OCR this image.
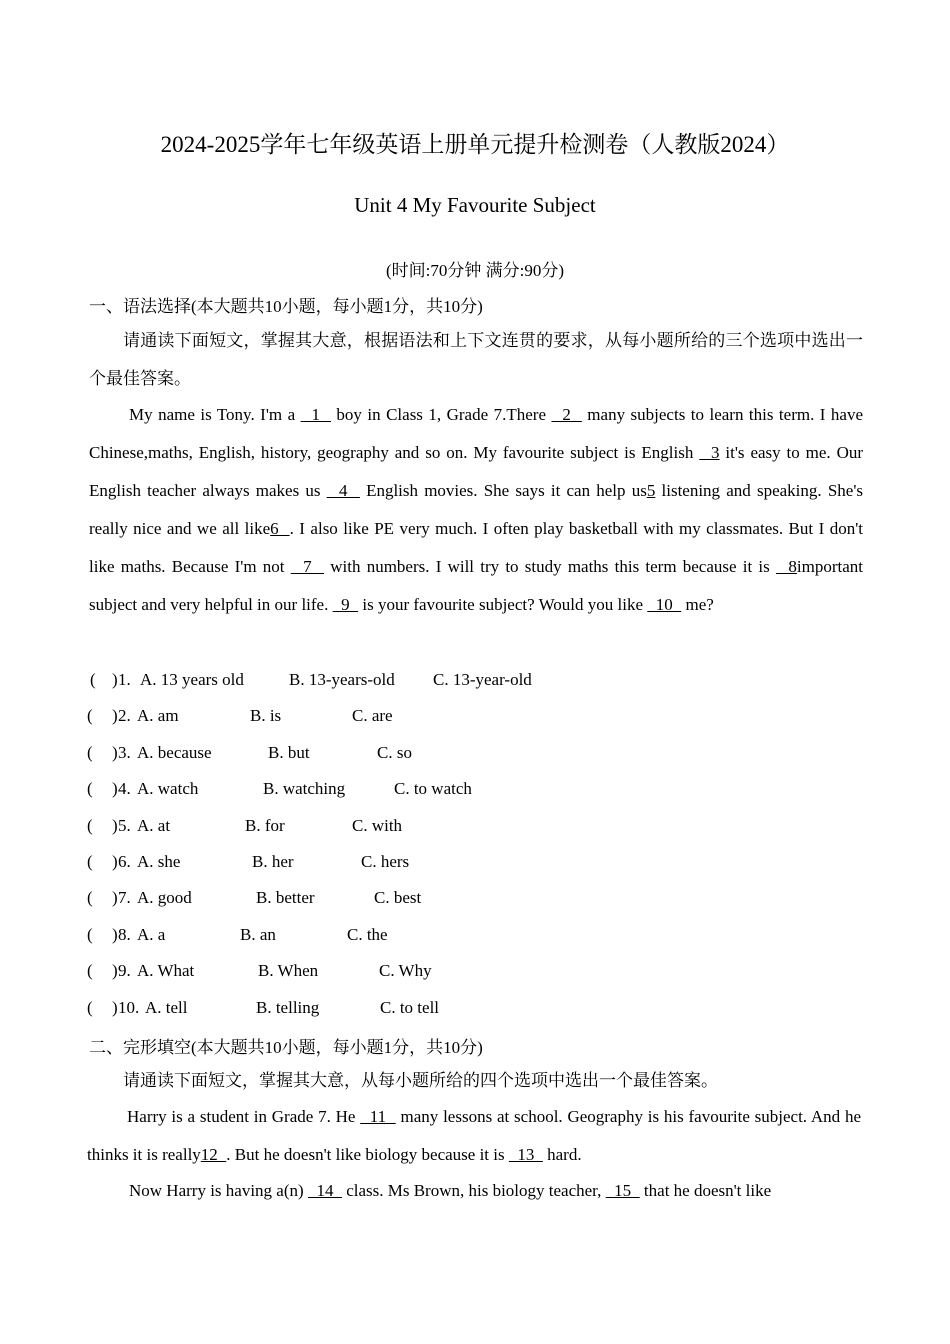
2024-2025学年七年级英语上册单元提升检测卷（人教版2024）
Unit 4 My Favourite Subject
(时间:70分钟 满分:90分)
一、语法选择(本大题共10小题，每小题1分，共10分)

请通读下面短文，掌握其大意，根据语法和上下文连贯的要求，从每小题所给的三个选项中选出一个最佳答案。

My name is Tony. I'm a   1   boy in Class 1, Grade 7.There   2   many subjects to learn this term. I have Chinese,maths, English, history, geography and so on. My favourite subject is English   3 it's easy to me. Our English teacher always makes us   4   English movies. She says it can help us5 listening and speaking. She's really nice and we all like6  . I also like PE very much. I often play basketball with my classmates. But I don't like maths. Because I'm not   7   with numbers. I will try to study maths this term because it is   8important subject and very helpful in our life.   9   is your favourite subject? Would you like   10   me?

( ) 1. A. 13 years old	B. 13-years-old C. 13-year-old
( ) 2. A. am	B. is	C. are
( ) 3. A. because	B. but	C. so
( ) 4. A. watch	B. watching	C. to watch
( ) 5. A. at	B. for	C. with
( ) 6. A. she	B. her	C. hers
( ) 7. A. good	B. better	C. best
( ) 8. A. a	B. an	C. the
( ) 9. A. What	B. When	C. Why
( ) 10. A. tell	B. telling	C. to tell
二、完形填空(本大题共10小题，每小题1分，共10分)

请通读下面短文，掌握其大意，从每小题所给的四个选项中选出一个最佳答案。

Harry is a student in Grade 7. He   11   many lessons at school. Geography is his favourite subject. And he thinks it is really12  . But he doesn't like biology because it is   13   hard.

Now Harry is having a(n)   14   class. Ms Brown, his biology teacher,   15   that he doesn't like
